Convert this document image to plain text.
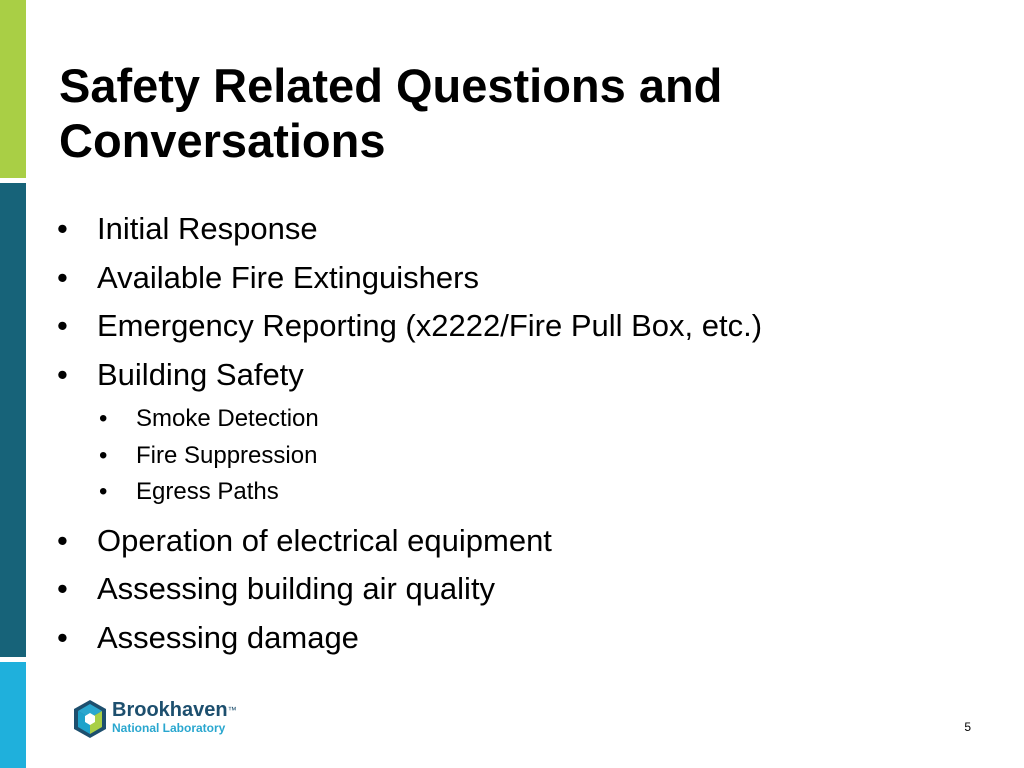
Safety Related Questions and Conversations
• Initial Response
• Available Fire Extinguishers
• Emergency Reporting (x2222/Fire Pull Box, etc.)
• Building Safety
• Smoke Detection
• Fire Suppression
• Egress Paths
• Operation of electrical equipment
• Assessing building air quality
• Assessing damage
Brookhaven™
National Laboratory	5
